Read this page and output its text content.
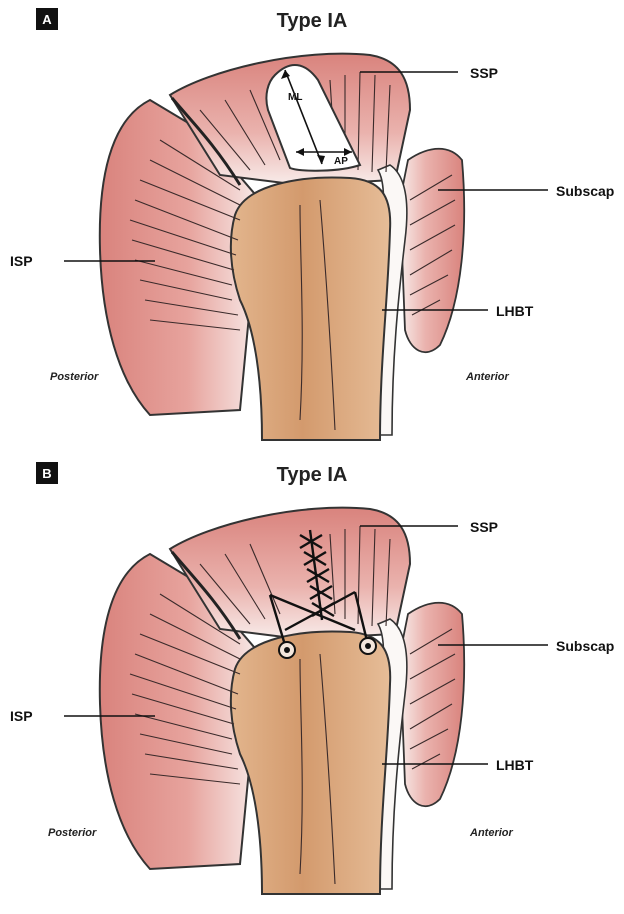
A	Type IA
ML
AP
SSP
Subscap
ISP
LHBT
Posterior	Anterior
B	Type IA
SSP
Subscap
ISP
LHBT
Posterior	Anterior
